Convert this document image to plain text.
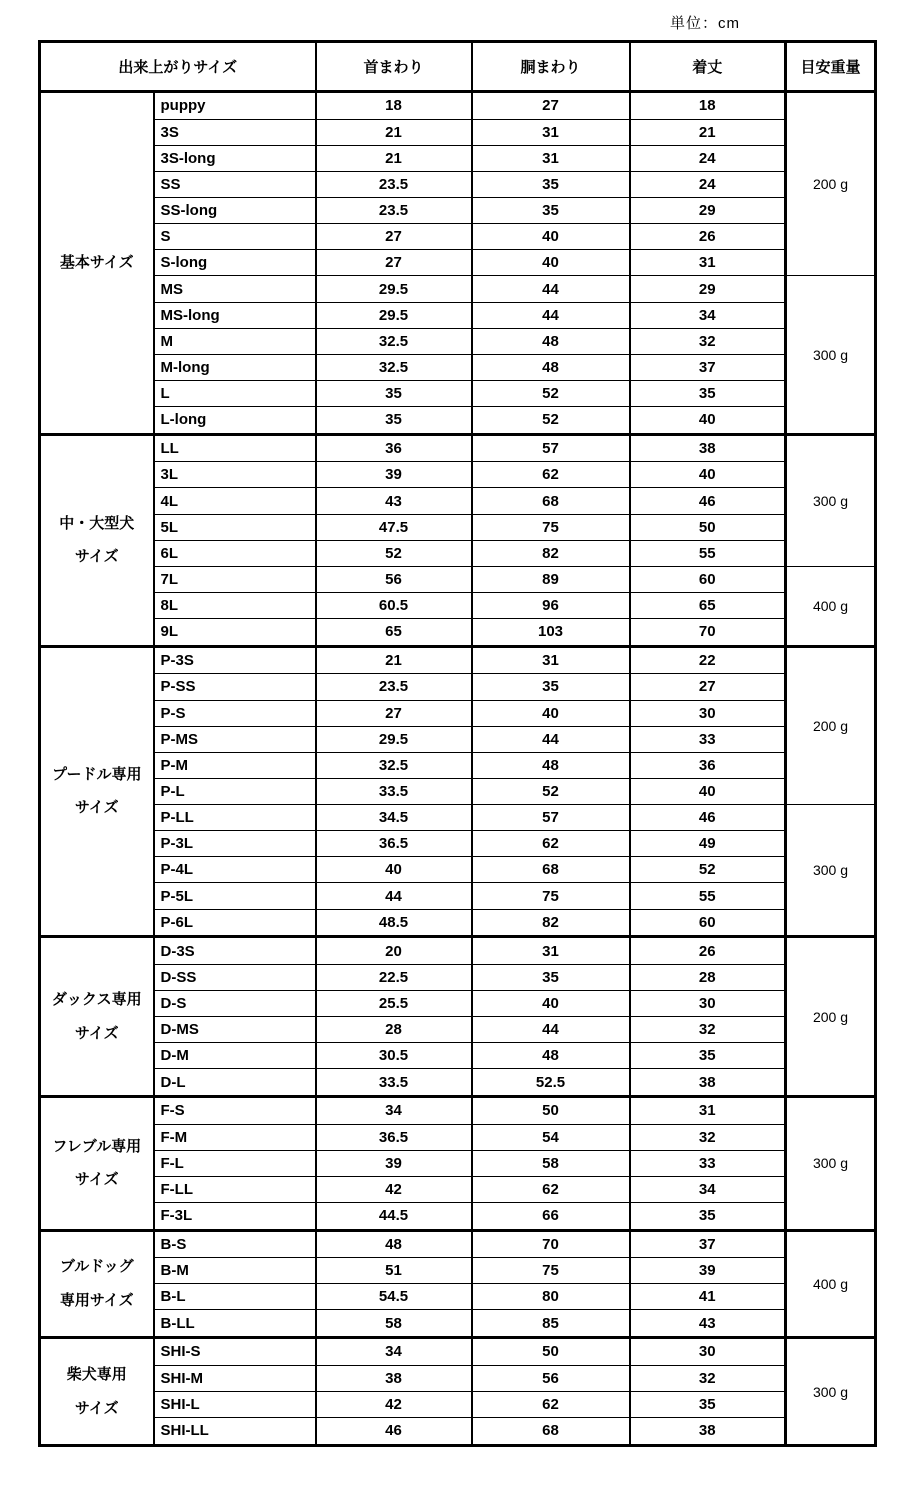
単位：cm
出来上がりサイズ		首まわり	胴まわり	着丈	目安重量

基本サイズ	puppy	18	27	18	200 g
	3S	21	31	21	
	3S-long	21	31	24	
	SS	23.5	35	24	
	SS-long	23.5	35	29	
	S	27	40	26	
	S-long	27	40	31	
	MS	29.5	44	29	300 g
	MS-long	29.5	44	34	
	M	32.5	48	32	
	M-long	32.5	48	37	
	L	35	52	35	
	L-long	35	52	40	

中・大型犬
サイズ	LL	36	57	38	300 g
	3L	39	62	40	
	4L	43	68	46	
	5L	47.5	75	50	
	6L	52	82	55	
	7L	56	89	60	400 g
	8L	60.5	96	65	
	9L	65	103	70	

プードル専用
サイズ	P-3S	21	31	22	200 g
	P-SS	23.5	35	27	
	P-S	27	40	30	
	P-MS	29.5	44	33	
	P-M	32.5	48	36	
	P-L	33.5	52	40	
	P-LL	34.5	57	46	300 g
	P-3L	36.5	62	49	
	P-4L	40	68	52	
	P-5L	44	75	55	
	P-6L	48.5	82	60	

ダックス専用
サイズ	D-3S	20	31	26	200 g
	D-SS	22.5	35	28	
	D-S	25.5	40	30	
	D-MS	28	44	32	
	D-M	30.5	48	35	
	D-L	33.5	52.5	38	

フレブル専用
サイズ	F-S	34	50	31	300 g
	F-M	36.5	54	32	
	F-L	39	58	33	
	F-LL	42	62	34	
	F-3L	44.5	66	35	

ブルドッグ
専用サイズ	B-S	48	70	37	400 g
	B-M	51	75	39	
	B-L	54.5	80	41	
	B-LL	58	85	43	

柴犬専用
サイズ	SHI-S	34	50	30	300 g
	SHI-M	38	56	32	
	SHI-L	42	62	35	
	SHI-LL	46	68	38	
